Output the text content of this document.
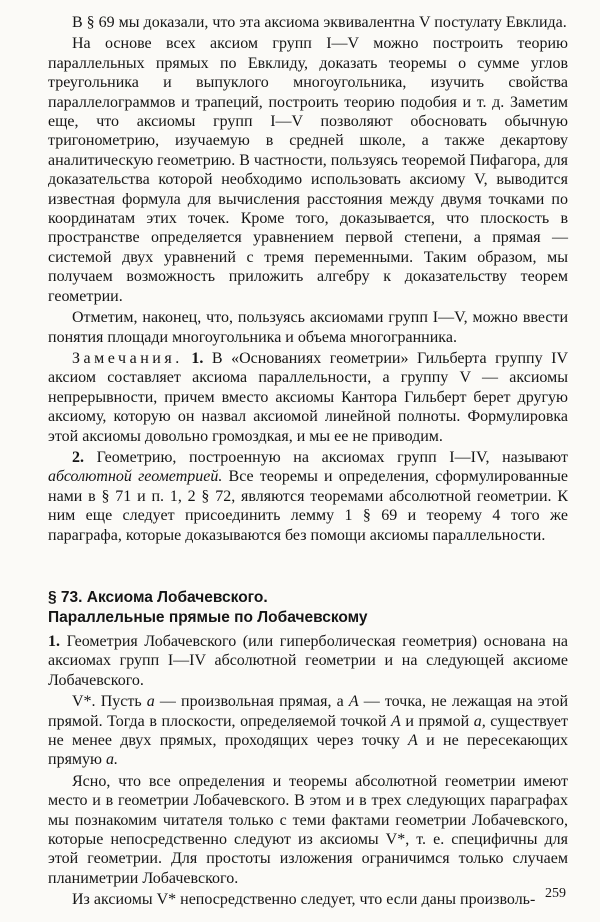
В § 69 мы доказали, что эта аксиома эквивалентна V постулату Евклида.

На основе всех аксиом групп I—V можно построить теорию параллельных прямых по Евклиду, доказать теоремы о сумме углов треугольника и выпуклого многоугольника, изучить свойства параллелограммов и трапеций, построить теорию подобия и т. д. Заметим еще, что аксиомы групп I—V позволяют обосновать обычную тригонометрию, изучаемую в средней школе, а также декартову аналитическую геометрию. В частности, пользуясь теоремой Пифагора, для доказательства которой необходимо использовать аксиому V, выводится известная формула для вычисления расстояния между двумя точками по координатам этих точек. Кроме того, доказывается, что плоскость в пространстве определяется уравнением первой степени, а прямая — системой двух уравнений с тремя переменными. Таким образом, мы получаем возможность приложить алгебру к доказательству теорем геометрии.

Отметим, наконец, что, пользуясь аксиомами групп I—V, можно ввести понятия площади многоугольника и объема многогранника.

Замечания. 1. В «Основаниях геометрии» Гильберта группу IV аксиом составляет аксиома параллельности, а группу V — аксиомы непрерывности, причем вместо аксиомы Кантора Гильберт берет другую аксиому, которую он назвал аксиомой линейной полноты. Формулировка этой аксиомы довольно громоздкая, и мы ее не приводим.

2. Геометрию, построенную на аксиомах групп I—IV, называют абсолютной геометрией. Все теоремы и определения, сформулированные нами в § 71 и п. 1, 2 § 72, являются теоремами абсолютной геометрии. К ним еще следует присоединить лемму 1 § 69 и теорему 4 того же параграфа, которые доказываются без помощи аксиомы параллельности.

§ 73. Аксиома Лобачевского.
Параллельные прямые по Лобачевскому

1. Геометрия Лобачевского (или гиперболическая геометрия) основана на аксиомах групп I—IV абсолютной геометрии и на следующей аксиоме Лобачевского.

V*. Пусть a — произвольная прямая, а A — точка, не лежащая на этой прямой. Тогда в плоскости, определяемой точкой A и прямой a, существует не менее двух прямых, проходящих через точку A и не пересекающих прямую a.

Ясно, что все определения и теоремы абсолютной геометрии имеют место и в геометрии Лобачевского. В этом и в трех следующих параграфах мы познакомим читателя только с теми фактами геометрии Лобачевского, которые непосредственно следуют из аксиомы V*, т. е. специфичны для этой геометрии. Для простоты изложения ограничимся только случаем планиметрии Лобачевского.

Из аксиомы V* непосредственно следует, что если даны произволь- 259
